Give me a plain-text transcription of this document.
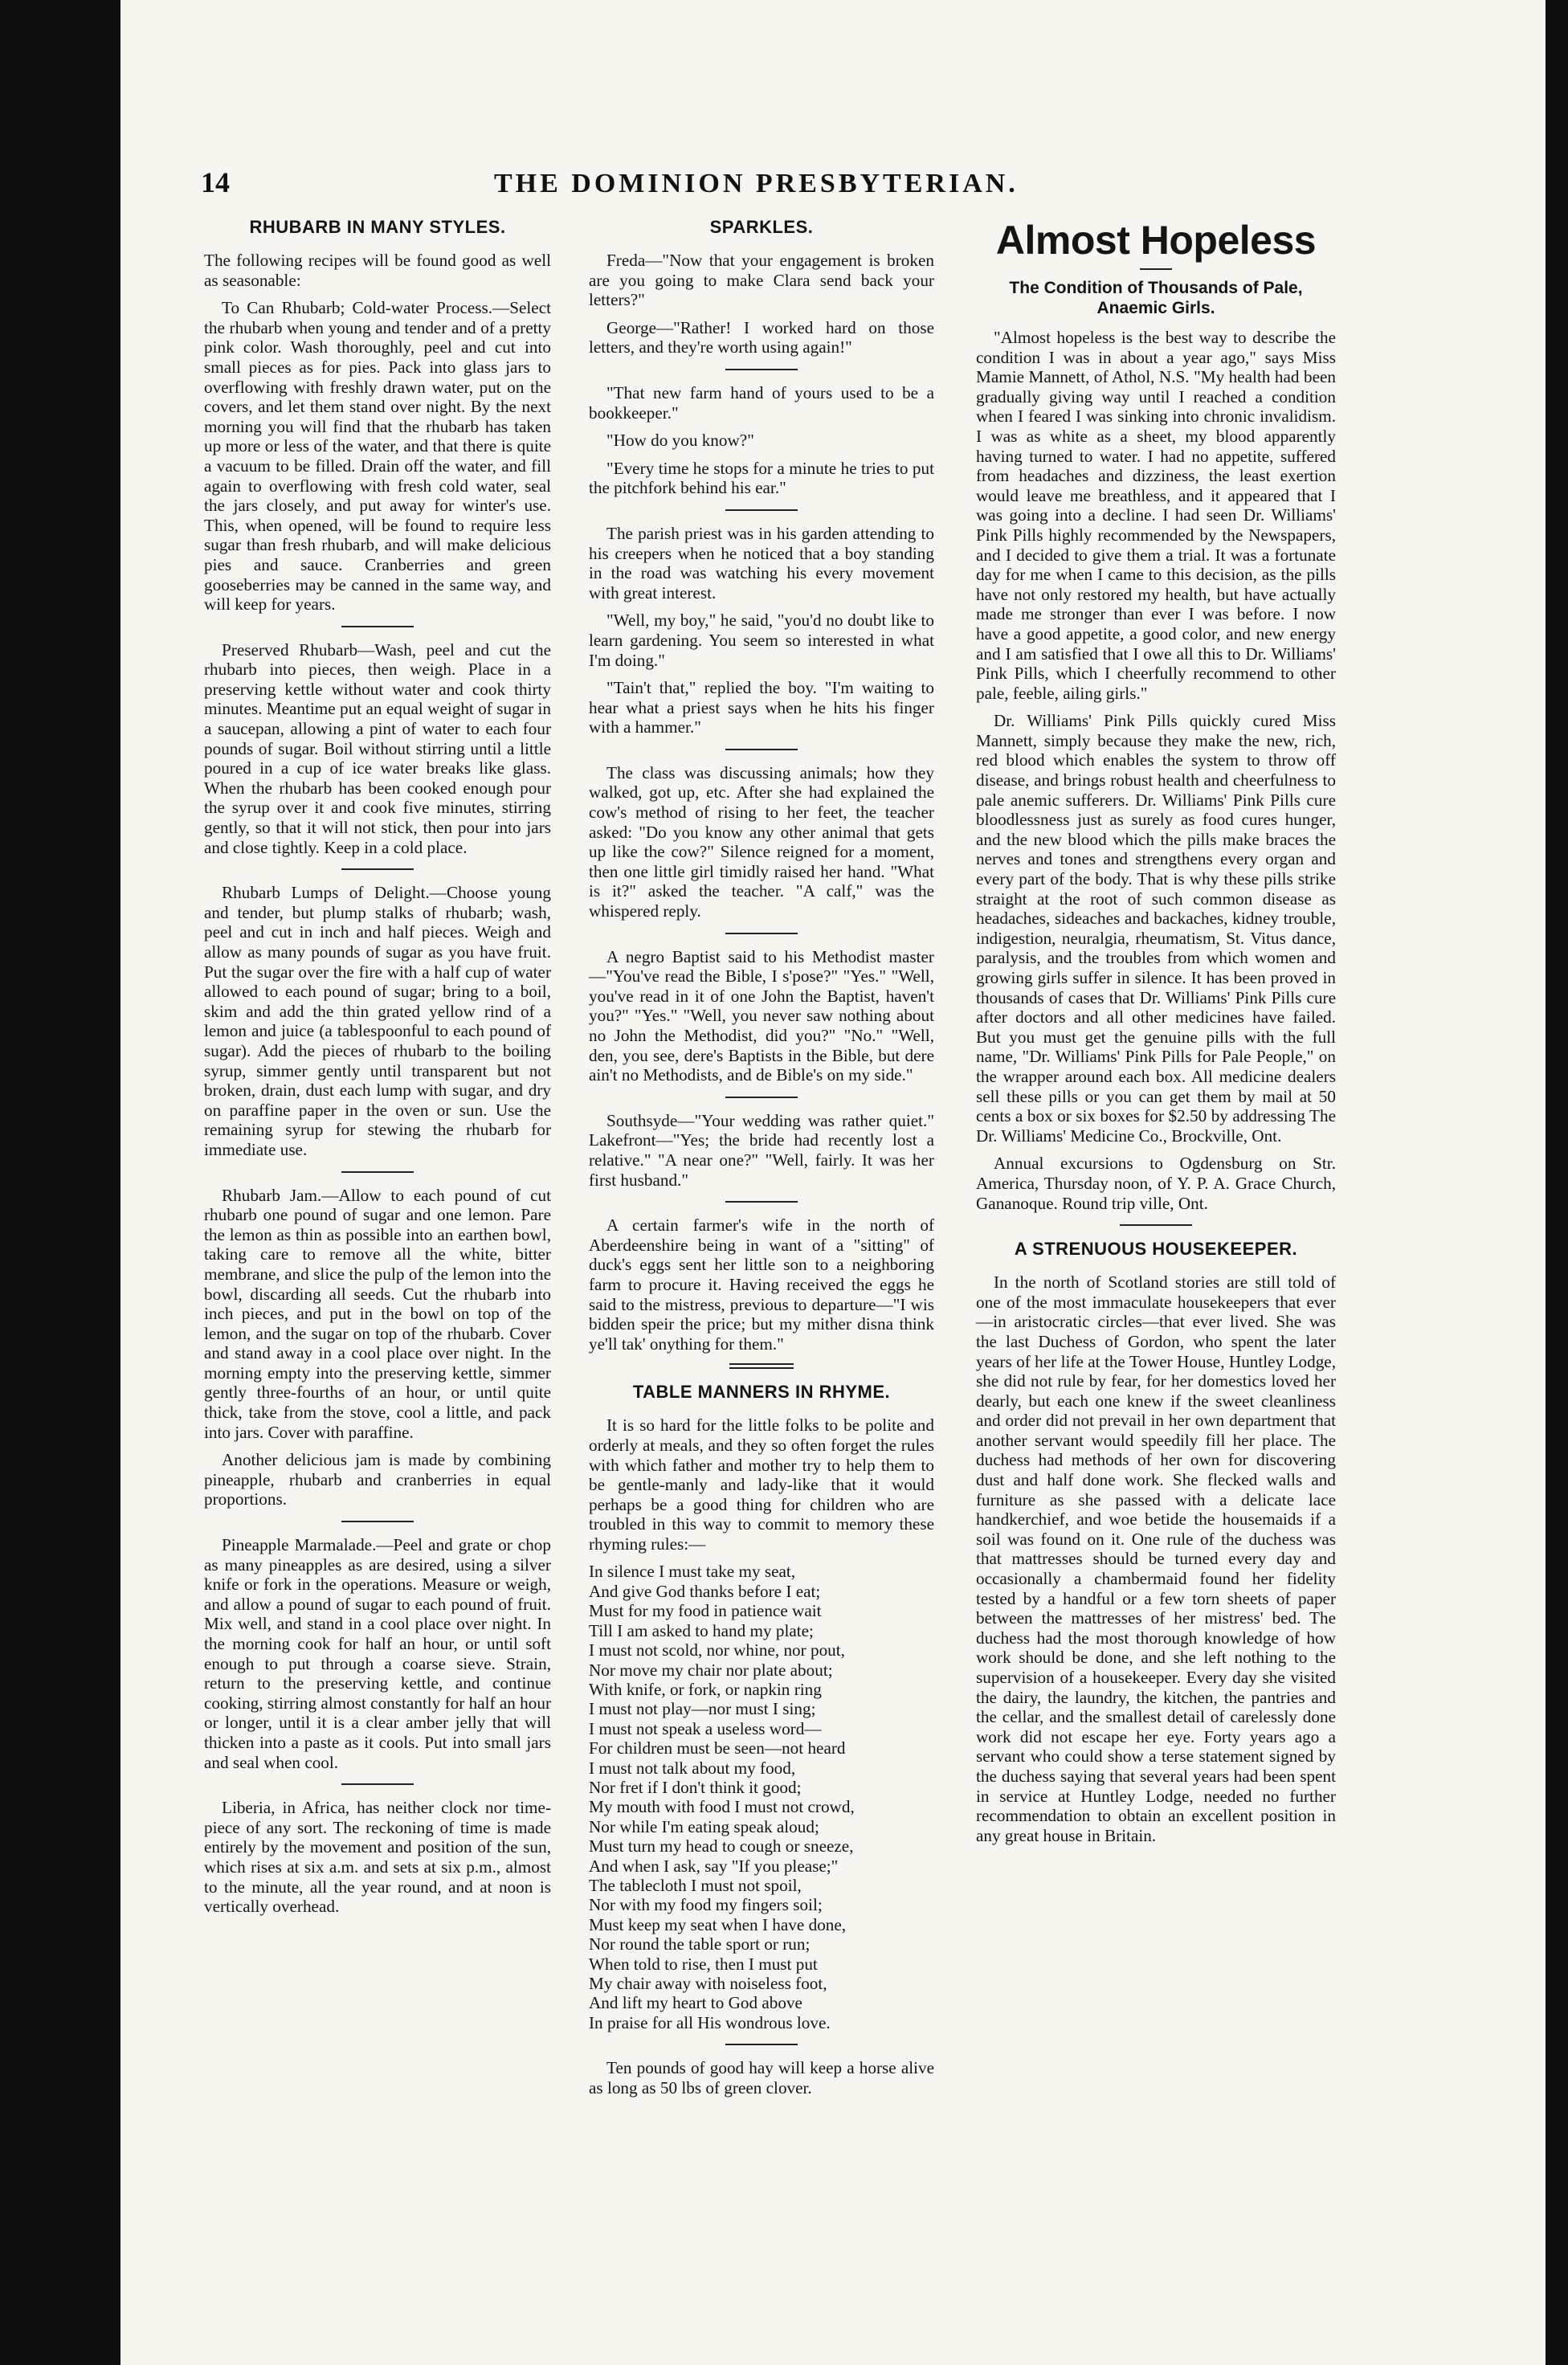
14	THE DOMINION PRESBYTERIAN.
RHUBARB IN MANY STYLES.

The following recipes will be found good as well as seasonable:

To Can Rhubarb; Cold-water Process.—Select the rhubarb when young and tender and of a pretty pink color. Wash thoroughly, peel and cut into small pieces as for pies. Pack into glass jars to overflowing with freshly drawn water, put on the covers, and let them stand over night. By the next morning you will find that the rhubarb has taken up more or less of the water, and that there is quite a vacuum to be filled. Drain off the water, and fill again to overflowing with fresh cold water, seal the jars closely, and put away for winter's use. This, when opened, will be found to require less sugar than fresh rhubarb, and will make delicious pies and sauce. Cranberries and green gooseberries may be canned in the same way, and will keep for years.

Preserved Rhubarb—Wash, peel and cut the rhubarb into pieces, then weigh. Place in a preserving kettle without water and cook thirty minutes. Meantime put an equal weight of sugar in a saucepan, allowing a pint of water to each four pounds of sugar. Boil without stirring until a little poured in a cup of ice water breaks like glass. When the rhubarb has been cooked enough pour the syrup over it and cook five minutes, stirring gently, so that it will not stick, then pour into jars and close tightly. Keep in a cold place.

Rhubarb Lumps of Delight.—Choose young and tender, but plump stalks of rhubarb; wash, peel and cut in inch and half pieces. Weigh and allow as many pounds of sugar as you have fruit. Put the sugar over the fire with a half cup of water allowed to each pound of sugar; bring to a boil, skim and add the thin grated yellow rind of a lemon and juice (a tablespoonful to each pound of sugar). Add the pieces of rhubarb to the boiling syrup, simmer gently until transparent but not broken, drain, dust each lump with sugar, and dry on paraffine paper in the oven or sun. Use the remaining syrup for stewing the rhubarb for immediate use.

Rhubarb Jam.—Allow to each pound of cut rhubarb one pound of sugar and one lemon. Pare the lemon as thin as possible into an earthen bowl, taking care to remove all the white, bitter membrane, and slice the pulp of the lemon into the bowl, discarding all seeds. Cut the rhubarb into inch pieces, and put in the bowl on top of the lemon, and the sugar on top of the rhubarb. Cover and stand away in a cool place over night. In the morning empty into the preserving kettle, simmer gently three-fourths of an hour, or until quite thick, take from the stove, cool a little, and pack into jars. Cover with paraffine.

Another delicious jam is made by combining pineapple, rhubarb and cranberries in equal proportions.

Pineapple Marmalade.—Peel and grate or chop as many pineapples as are desired, using a silver knife or fork in the operations. Measure or weigh, and allow a pound of sugar to each pound of fruit. Mix well, and stand in a cool place over night. In the morning cook for half an hour, or until soft enough to put through a coarse sieve. Strain, return to the preserving kettle, and continue cooking, stirring almost constantly for half an hour or longer, until it is a clear amber jelly that will thicken into a paste as it cools. Put into small jars and seal when cool.

Liberia, in Africa, has neither clock nor time-piece of any sort. The reckoning of time is made entirely by the movement and position of the sun, which rises at six a.m. and sets at six p.m., almost to the minute, all the year round, and at noon is vertically overhead.

SPARKLES.

Freda—"Now that your engagement is broken are you going to make Clara send back your letters?"

George—"Rather! I worked hard on those letters, and they're worth using again!"

"That new farm hand of yours used to be a bookkeeper."

"How do you know?"

"Every time he stops for a minute he tries to put the pitchfork behind his ear."

The parish priest was in his garden attending to his creepers when he noticed that a boy standing in the road was watching his every movement with great interest.

"Well, my boy," he said, "you'd no doubt like to learn gardening. You seem so interested in what I'm doing."

"Tain't that," replied the boy. "I'm waiting to hear what a priest says when he hits his finger with a hammer."

The class was discussing animals; how they walked, got up, etc. After she had explained the cow's method of rising to her feet, the teacher asked: "Do you know any other animal that gets up like the cow?" Silence reigned for a moment, then one little girl timidly raised her hand. "What is it?" asked the teacher. "A calf," was the whispered reply.

A negro Baptist said to his Methodist master—"You've read the Bible, I s'pose?" "Yes." "Well, you've read in it of one John the Baptist, haven't you?" "Yes." "Well, you never saw nothing about no John the Methodist, did you?" "No." "Well, den, you see, dere's Baptists in the Bible, but dere ain't no Methodists, and de Bible's on my side."

Southsyde—"Your wedding was rather quiet." Lakefront—"Yes; the bride had recently lost a relative." "A near one?" "Well, fairly. It was her first husband."

A certain farmer's wife in the north of Aberdeenshire being in want of a "sitting" of duck's eggs sent her little son to a neighboring farm to procure it. Having received the eggs he said to the mistress, previous to departure—"I wis bidden speir the price; but my mither disna think ye'll tak' onything for them."

TABLE MANNERS IN RHYME.

It is so hard for the little folks to be polite and orderly at meals, and they so often forget the rules with which father and mother try to help them to be gentle-manly and lady-like that it would perhaps be a good thing for children who are troubled in this way to commit to memory these rhyming rules:—

In silence I must take my seat,
And give God thanks before I eat;
Must for my food in patience wait
Till I am asked to hand my plate;
I must not scold, nor whine, nor pout,
Nor move my chair nor plate about;
With knife, or fork, or napkin ring
I must not play—nor must I sing;
I must not speak a useless word—
For children must be seen—not heard
I must not talk about my food,
Nor fret if I don't think it good;
My mouth with food I must not crowd,
Nor while I'm eating speak aloud;
Must turn my head to cough or sneeze,
And when I ask, say "If you please;"
The tablecloth I must not spoil,
Nor with my food my fingers soil;
Must keep my seat when I have done,
Nor round the table sport or run;
When told to rise, then I must put
My chair away with noiseless foot,
And lift my heart to God above
In praise for all His wondrous love.

Ten pounds of good hay will keep a horse alive as long as 50 lbs of green clover.

Almost Hopeless
The Condition of Thousands of Pale, Anaemic Girls.

"Almost hopeless is the best way to describe the condition I was in about a year ago," says Miss Mamie Mannett, of Athol, N.S. "My health had been gradually giving way until I reached a condition when I feared I was sinking into chronic invalidism. I was as white as a sheet, my blood apparently having turned to water. I had no appetite, suffered from headaches and dizziness, the least exertion would leave me breathless, and it appeared that I was going into a decline. I had seen Dr. Williams' Pink Pills highly recommended by the Newspapers, and I decided to give them a trial. It was a fortunate day for me when I came to this decision, as the pills have not only restored my health, but have actually made me stronger than ever I was before. I now have a good appetite, a good color, and new energy and I am satisfied that I owe all this to Dr. Williams' Pink Pills, which I cheerfully recommend to other pale, feeble, ailing girls."

Dr. Williams' Pink Pills quickly cured Miss Mannett, simply because they make the new, rich, red blood which enables the system to throw off disease, and brings robust health and cheerfulness to pale anemic sufferers. Dr. Williams' Pink Pills cure bloodlessness just as surely as food cures hunger, and the new blood which the pills make braces the nerves and tones and strengthens every organ and every part of the body. That is why these pills strike straight at the root of such common disease as headaches, sideaches and backaches, kidney trouble, indigestion, neuralgia, rheumatism, St. Vitus dance, paralysis, and the troubles from which women and growing girls suffer in silence. It has been proved in thousands of cases that Dr. Williams' Pink Pills cure after doctors and all other medicines have failed. But you must get the genuine pills with the full name, "Dr. Williams' Pink Pills for Pale People," on the wrapper around each box. All medicine dealers sell these pills or you can get them by mail at 50 cents a box or six boxes for $2.50 by addressing The Dr. Williams' Medicine Co., Brockville, Ont.

Annual excursions to Ogdensburg on Str. America, Thursday noon, of Y. P. A. Grace Church, Gananoque. Round trip ville, Ont.

A STRENUOUS HOUSEKEEPER.

In the north of Scotland stories are still told of one of the most immaculate housekeepers that ever—in aristocratic circles—that ever lived. She was the last Duchess of Gordon, who spent the later years of her life at the Tower House, Huntley Lodge, she did not rule by fear, for her domestics loved her dearly, but each one knew if the sweet cleanliness and order did not prevail in her own department that another servant would speedily fill her place. The duchess had methods of her own for discovering dust and half done work. She flecked walls and furniture as she passed with a delicate lace handkerchief, and woe betide the housemaids if a soil was found on it. One rule of the duchess was that mattresses should be turned every day and occasionally a chambermaid found her fidelity tested by a handful or a few torn sheets of paper between the mattresses of her mistress' bed. The duchess had the most thorough knowledge of how work should be done, and she left nothing to the supervision of a housekeeper. Every day she visited the dairy, the laundry, the kitchen, the pantries and the cellar, and the smallest detail of carelessly done work did not escape her eye. Forty years ago a servant who could show a terse statement signed by the duchess saying that several years had been spent in service at Huntley Lodge, needed no further recommendation to obtain an excellent position in any great house in Britain.
